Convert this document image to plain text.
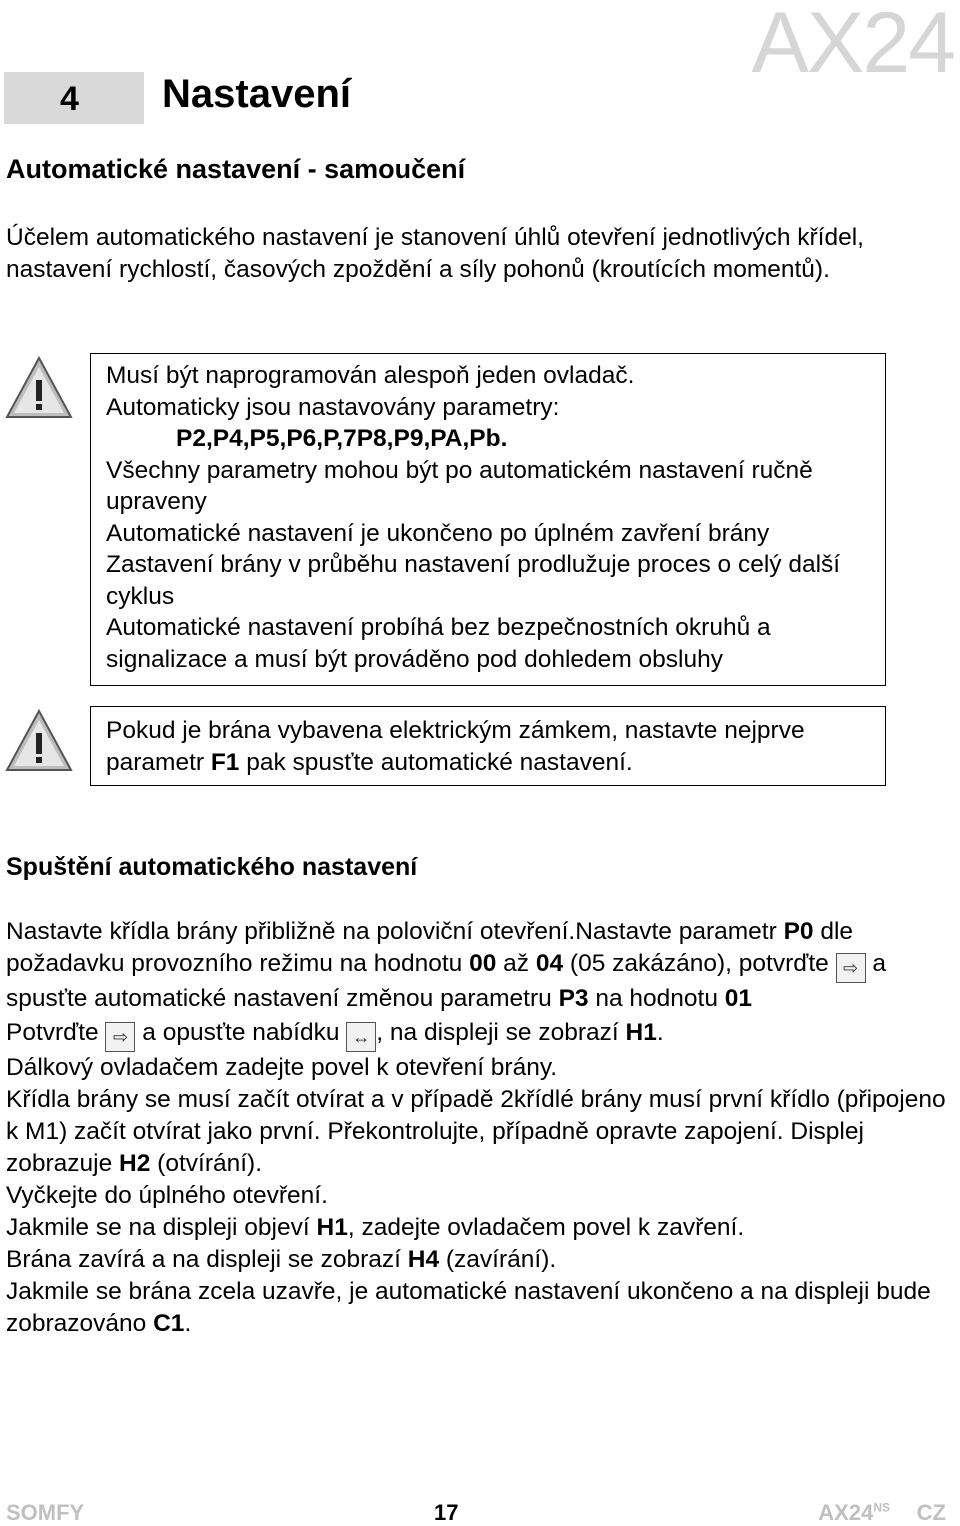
AX24
4 Nastavení
Automatické nastavení - samoučení
Účelem automatického nastavení je stanovení úhlů otevření jednotlivých křídel, nastavení rychlostí, časových zpoždění a síly pohonů (kroutících momentů).

Musí být naprogramován alespoň jeden ovladač.

Automaticky jsou nastavovány parametry:

P2,P4,P5,P6,P,7P8,P9,PA,Pb.

Všechny parametry mohou být po automatickém nastavení ručně upraveny

Automatické nastavení je ukončeno po úplném zavření brány

Zastavení brány v průběhu nastavení prodlužuje proces o celý další cyklus

Automatické nastavení probíhá bez bezpečnostních okruhů a signalizace a musí být prováděno pod dohledem obsluhy

Pokud je brána vybavena elektrickým zámkem, nastavte nejprve parametr F1 pak spusťte automatické nastavení.

Spuštění automatického nastavení
Nastavte křídla brány přibližně na poloviční otevření.Nastavte parametr P0 dle požadavku provozního režimu na hodnotu 00 až 04 (05 zakázáno), potvrďte ⇨ a spusťte automatické nastavení změnou parametru P3 na hodnotu 01
Potvrďte ⇨ a opusťte nabídku ↔ , na displeji se zobrazí H1.
Dálkový ovladačem zadejte povel k otevření brány.
Křídla brány se musí začít otvírat a v případě 2křídlé brány musí první křídlo (připojeno k M1) začít otvírat jako první. Překontrolujte, případně opravte zapojení. Displej zobrazuje H2 (otvírání).
Vyčkejte do úplného otevření.
Jakmile se na displeji objeví H1, zadejte ovladačem povel k zavření.
Brána zavírá a na displeji se zobrazí H4 (zavírání).
Jakmile se brána zcela uzavře, je automatické nastavení ukončeno a na displeji bude zobrazováno C1.
SOMFY	17	$AX24^{NS}$ CZ
